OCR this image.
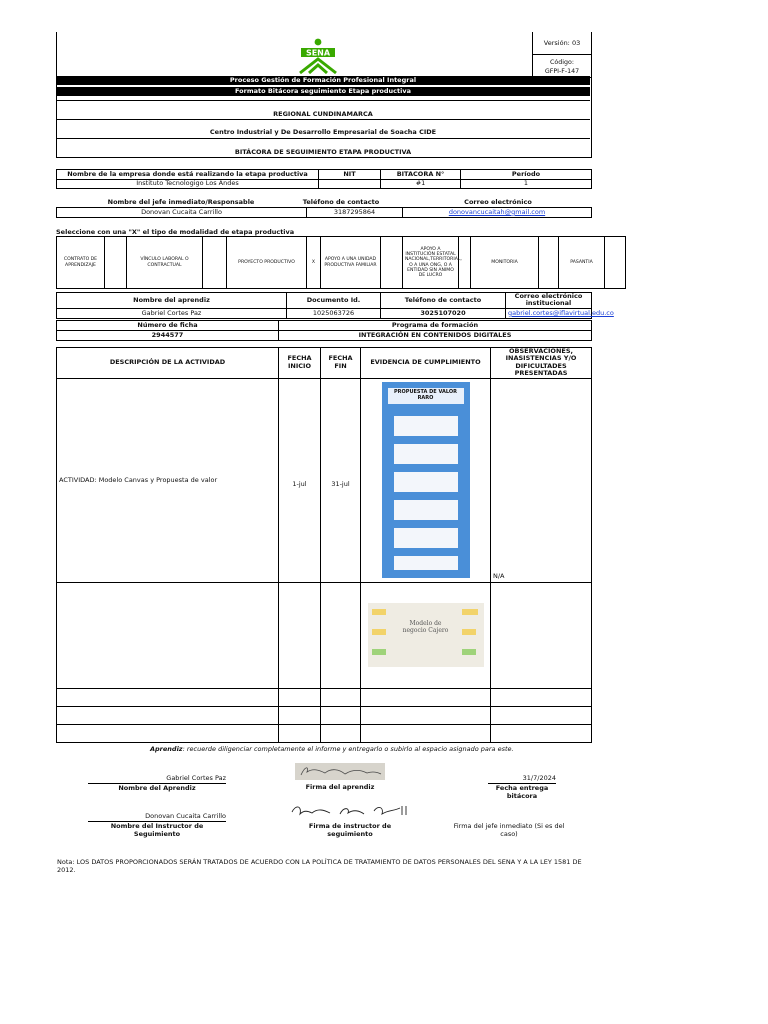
SENA
Versión: 03
Código: GFPI-F-147
Proceso Gestión de Formación Profesional Integral
Formato Bitácora seguimiento Etapa productiva
REGIONAL CUNDINAMARCA
Centro Industrial y De Desarrollo Empresarial de Soacha CIDE
BITÁCORA DE SEGUIMIENTO ETAPA PRODUCTIVA
Nombre de la empresa donde está realizando la etapa productiva	NIT	BITACORA N°	Período
Instituto Tecnologigo Los Andes		#1	1
Nombre del jefe inmediato/Responsable	Teléfono de contacto	Correo electrónico
Donovan Cucaita Carrillo	3187295864	donovancucaitah@gmail.com
Seleccione con una "X" el tipo de modalidad de etapa productiva
CONTRATO DE APRENDIZAJE		VÍNCULO LABORAL O CONTRACTUAL		PROYECTO PRODUCTIVO	X	APOYO A UNA UNIDAD PRODUCTIVA FAMILIAR		APOYO A INSTITUCIÓN ESTATAL NACIONAL,TERRITORIAL, O A UNA ONG, O A ENTIDAD SIN ANIMO DE LUCRO		MONITORIA		PASANTIA	
Nombre del aprendiz	Documento Id.	Teléfono de contacto	Correo electrónico institucional
Gabriel Cortes Paz	1025063726	3025107020	gabriel.cortes@iflavirtual.edu.co
Número de ficha	Programa de formación
2944577	INTEGRACIÓN EN CONTENIDOS DIGITALES
DESCRIPCIÓN DE LA ACTIVIDAD	FECHA INICIO	FECHA FIN	EVIDENCIA DE CUMPLIMIENTO	OBSERVACIONES, INASISTENCIAS Y/O DIFICULTADES PRESENTADAS
ACTIVIDAD: Modelo Canvas y Propuesta de valor	1-jul	31-jul	PROPUESTA DE VALOR RARO	N/A

			Modelo de negocio Cajero	

Aprendiz: recuerde diligenciar completamente el informe y entregarlo o subirlo al espacio asignado para este.
Gabriel Cortes Paz
Nombre del Aprendiz	Firma del aprendiz
31/7/2024
Fecha entrega bitácora
Donovan Cucaita Carrillo
Nombre del Instructor de Seguimiento
Firma de instructor de seguimiento
Firma del jefe inmediato (Si es del caso)
Nota: LOS DATOS PROPORCIONADOS SERÁN TRATADOS DE ACUERDO CON LA POLÍTICA DE TRATAMIENTO DE DATOS PERSONALES DEL SENA Y A LA LEY 1581 DE 2012.
